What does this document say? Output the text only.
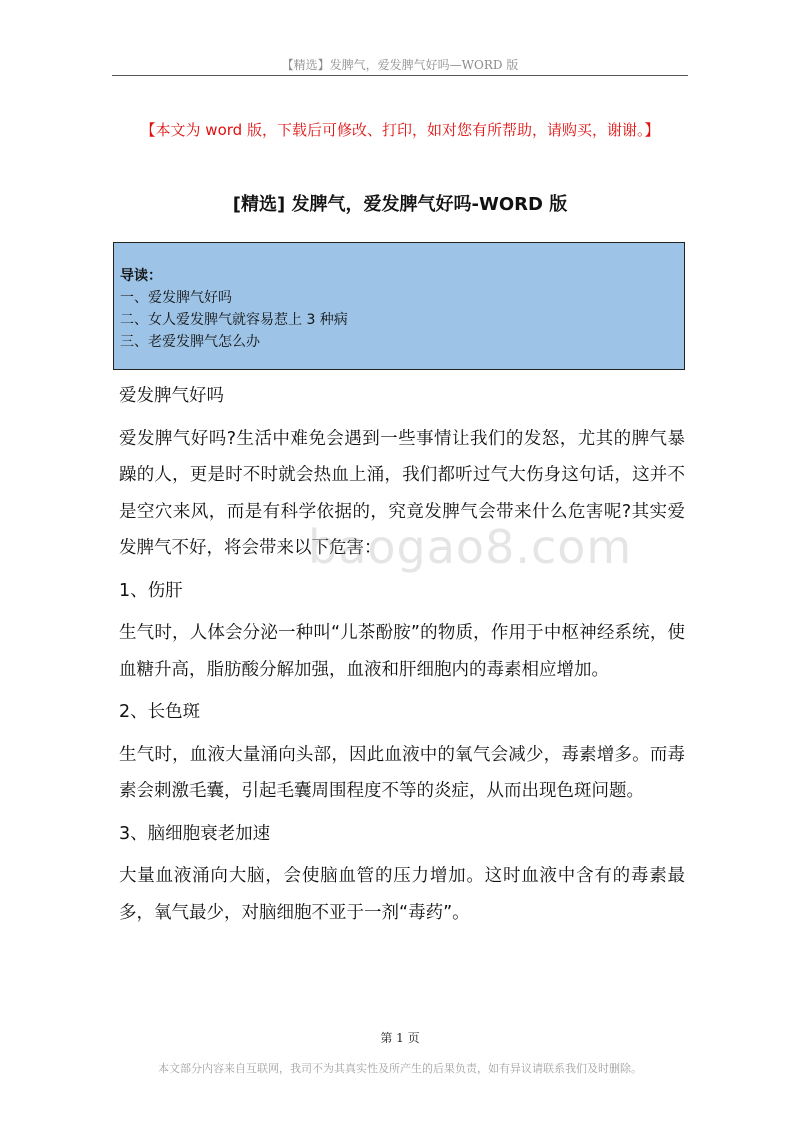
【精选】发脾气，爱发脾气好吗—WORD 版
【本文为 word 版，下载后可修改、打印，如对您有所帮助，请购买，谢谢。】
[精选] 发脾气，爱发脾气好吗-WORD 版
导读：
一、爱发脾气好吗
二、女人爱发脾气就容易惹上 3 种病
三、老爱发脾气怎么办

爱发脾气好吗

爱发脾气好吗?生活中难免会遇到一些事情让我们的发怒，尤其的脾气暴躁的人，更是时不时就会热血上涌，我们都听过气大伤身这句话，这并不是空穴来风，而是有科学依据的，究竟发脾气会带来什么危害呢?其实爱发脾气不好，将会带来以下危害：

1、伤肝

生气时，人体会分泌一种叫“儿茶酚胺”的物质，作用于中枢神经系统，使血糖升高，脂肪酸分解加强，血液和肝细胞内的毒素相应增加。

2、长色斑

生气时，血液大量涌向头部，因此血液中的氧气会减少，毒素增多。而毒素会刺激毛囊，引起毛囊周围程度不等的炎症，从而出现色斑问题。

3、脑细胞衰老加速

大量血液涌向大脑，会使脑血管的压力增加。这时血液中含有的毒素最多，氧气最少，对脑细胞不亚于一剂“毒药”。

baogao8.com
第 1 页
本文部分内容来自互联网，我司不为其真实性及所产生的后果负责，如有异议请联系我们及时删除。
